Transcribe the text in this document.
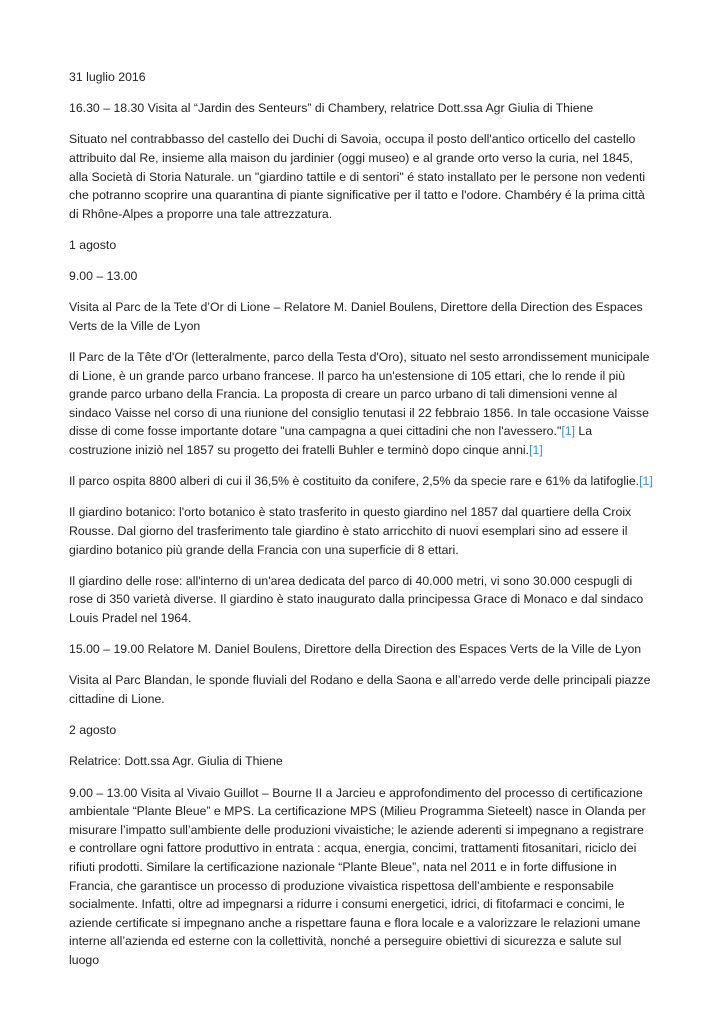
31 luglio 2016

16.30 – 18.30 Visita al “Jardin des Senteurs” di Chambery, relatrice Dott.ssa Agr Giulia di Thiene

Situato nel contrabbasso del castello dei Duchi di Savoia, occupa il posto dell'antico orticello del castello attribuito dal Re, insieme alla maison du jardinier (oggi museo) e al grande orto verso la curia, nel 1845, alla Società di Storia Naturale. un "giardino tattile e di sentori" é stato installato per le persone non vedenti che potranno scoprire una quarantina di piante significative per il tatto e l'odore. Chambéry é la prima città di Rhône-Alpes a proporre una tale attrezzatura.

1 agosto

9.00 – 13.00

Visita al Parc de la Tete d’Or di Lione – Relatore M. Daniel Boulens, Direttore della Direction des Espaces Verts de la Ville de Lyon

Il Parc de la Tête d'Or (letteralmente, parco della Testa d'Oro), situato nel sesto arrondissement municipale di Lione, è un grande parco urbano francese. Il parco ha un'estensione di 105 ettari, che lo rende il più grande parco urbano della Francia. La proposta di creare un parco urbano di tali dimensioni venne al sindaco Vaisse nel corso di una riunione del consiglio tenutasi il 22 febbraio 1856. In tale occasione Vaisse disse di come fosse importante dotare "una campagna a quei cittadini che non l'avessero."[1] La costruzione iniziò nel 1857 su progetto dei fratelli Buhler e terminò dopo cinque anni.[1]

Il parco ospita 8800 alberi di cui il 36,5% è costituito da conifere, 2,5% da specie rare e 61% da latifoglie.[1]

Il giardino botanico: l'orto botanico è stato trasferito in questo giardino nel 1857 dal quartiere della Croix Rousse. Dal giorno del trasferimento tale giardino è stato arricchito di nuovi esemplari sino ad essere il giardino botanico più grande della Francia con una superficie di 8 ettari.

Il giardino delle rose: all'interno di un'area dedicata del parco di 40.000 metri, vi sono 30.000 cespugli di rose di 350 varietà diverse. Il giardino è stato inaugurato dalla principessa Grace di Monaco e dal sindaco Louis Pradel nel 1964.

15.00 – 19.00 Relatore M. Daniel Boulens, Direttore della Direction des Espaces Verts de la Ville de Lyon

Visita al Parc Blandan, le sponde fluviali del Rodano e della Saona e all’arredo verde delle principali piazze cittadine di Lione.

2 agosto

Relatrice: Dott.ssa Agr. Giulia di Thiene

9.00 – 13.00 Visita al Vivaio Guillot – Bourne II a Jarcieu e approfondimento del processo di certificazione ambientale “Plante Bleue” e MPS. La certificazione MPS (Milieu Programma Sieteelt) nasce in Olanda per misurare l’impatto sull’ambiente delle produzioni vivaistiche; le aziende aderenti si impegnano a registrare e controllare ogni fattore produttivo in entrata : acqua, energia, concimi, trattamenti fitosanitari, riciclo dei rifiuti prodotti. Similare la certificazione nazionale “Plante Bleue”, nata nel 2011 e in forte diffusione in Francia, che garantisce un processo di produzione vivaistica rispettosa dell’ambiente e responsabile socialmente. Infatti, oltre ad impegnarsi a ridurre i consumi energetici, idrici, di fitofarmaci e concimi, le aziende certificate si impegnano anche a rispettare fauna e flora locale e a valorizzare le relazioni umane interne all’azienda ed esterne con la collettività, nonché a perseguire obiettivi di sicurezza e salute sul luogo
